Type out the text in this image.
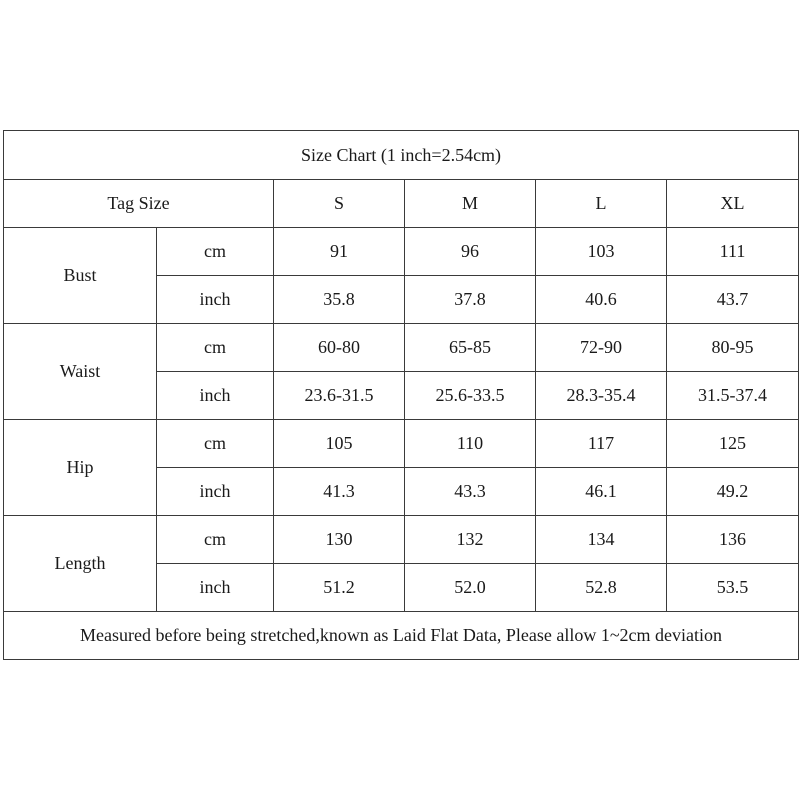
Size Chart (1 inch=2.54cm)					
Tag Size		S	M	L	XL
Bust	cm	91	96	103	111
	inch	35.8	37.8	40.6	43.7
Waist	cm	60-80	65-85	72-90	80-95
	inch	23.6-31.5	25.6-33.5	28.3-35.4	31.5-37.4
Hip	cm	105	110	117	125
	inch	41.3	43.3	46.1	49.2
Length	cm	130	132	134	136
	inch	51.2	52.0	52.8	53.5
Measured before being stretched,known as Laid Flat Data, Please allow 1~2cm deviation					
